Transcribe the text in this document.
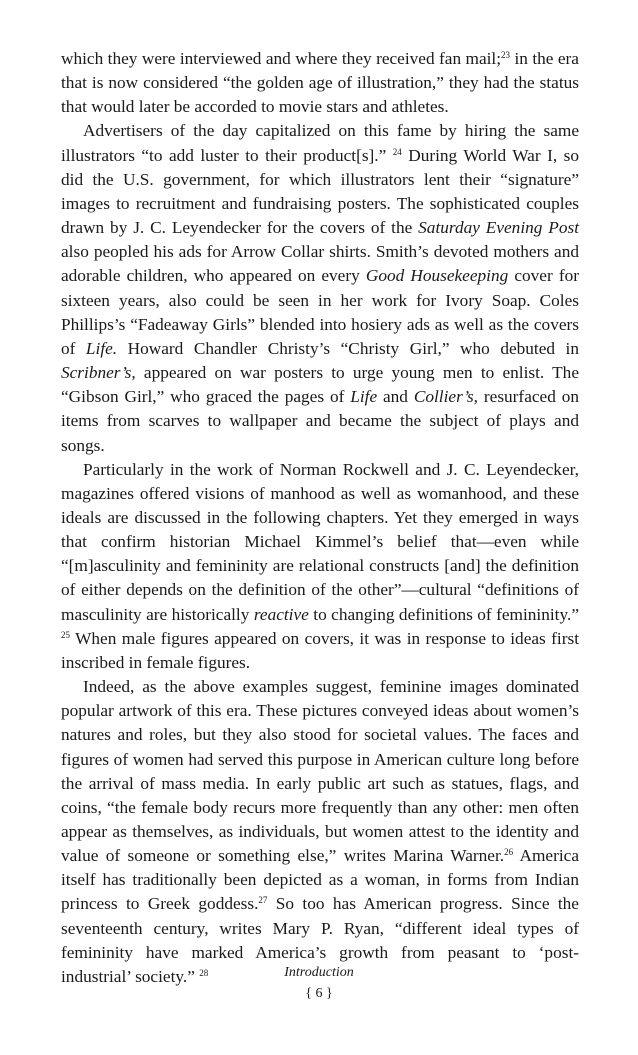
which they were interviewed and where they received fan mail;$^{23}$ in the era that is now considered “the golden age of illustration,” they had the status that would later be accorded to movie stars and athletes.

Advertisers of the day capitalized on this fame by hiring the same illustrators “to add luster to their product[s].” $^{24}$ During World War I, so did the U.S. government, for which illustrators lent their “signature” images to recruitment and fundraising posters. The sophisticated couples drawn by J. C. Leyendecker for the covers of the Saturday Evening Post also peopled his ads for Arrow Collar shirts. Smith’s devoted mothers and adorable children, who appeared on every Good Housekeeping cover for sixteen years, also could be seen in her work for Ivory Soap. Coles Phillips’s “Fadeaway Girls” blended into hosiery ads as well as the covers of Life. Howard Chandler Christy’s “Christy Girl,” who debuted in Scribner’s, appeared on war posters to urge young men to enlist. The “Gibson Girl,” who graced the pages of Life and Collier’s, resurfaced on items from scarves to wallpaper and became the subject of plays and songs.

Particularly in the work of Norman Rockwell and J. C. Leyendecker, magazines offered visions of manhood as well as womanhood, and these ideals are discussed in the following chapters. Yet they emerged in ways that confirm historian Michael Kimmel’s belief that—even while “[m]asculinity and femininity are relational constructs [and] the definition of either depends on the definition of the other”—cultural “definitions of masculinity are historically reactive to changing definitions of femininity.” $^{25}$ When male figures appeared on covers, it was in response to ideas first inscribed in female figures.

Indeed, as the above examples suggest, feminine images dominated popular artwork of this era. These pictures conveyed ideas about women’s natures and roles, but they also stood for societal values. The faces and figures of women had served this purpose in American culture long before the arrival of mass media. In early public art such as statues, flags, and coins, “the female body recurs more frequently than any other: men often appear as themselves, as individuals, but women attest to the identity and value of someone or something else,” writes Marina Warner.$^{26}$ America itself has traditionally been depicted as a woman, in forms from Indian princess to Greek goddess.$^{27}$ So too has American progress. Since the seventeenth century, writes Mary P. Ryan, “different ideal types of femininity have marked America’s growth from peasant to ‘post-industrial’ society.” $^{28}$	Introduction
{ 6 }
